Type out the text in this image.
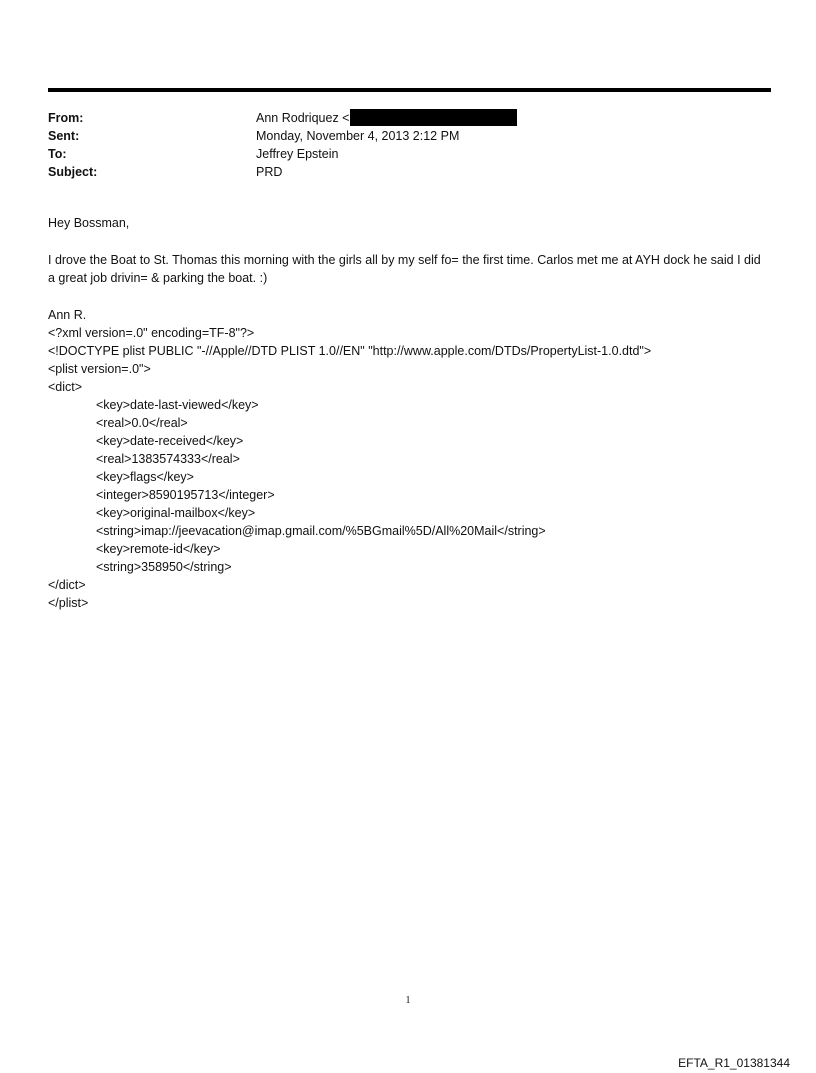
From:	Ann Rodriquez <
Sent:	Monday, November 4, 2013 2:12 PM
To:	Jeffrey Epstein
Subject:	PRD

Hey Bossman,

I drove the Boat to St. Thomas this morning with the girls all by my self fo= the first time. Carlos met me at AYH dock he said I did a great job drivin= & parking the boat. :)

Ann R.
<?xml version=.0" encoding=TF-8"?>
<!DOCTYPE plist PUBLIC "-//Apple//DTD PLIST 1.0//EN" "http://www.apple.com/DTDs/PropertyList-1.0.dtd">
<plist version=.0">
<dict>
<key>date-last-viewed</key>
<real>0.0</real>
<key>date-received</key>
<real>1383574333</real>
<key>flags</key>
<integer>8590195713</integer>
<key>original-mailbox</key>
<string>imap://jeevacation@imap.gmail.com/%5BGmail%5D/All%20Mail</string>
<key>remote-id</key>
<string>358950</string>
</dict>
</plist>
1
EFTA_R1_01381344
